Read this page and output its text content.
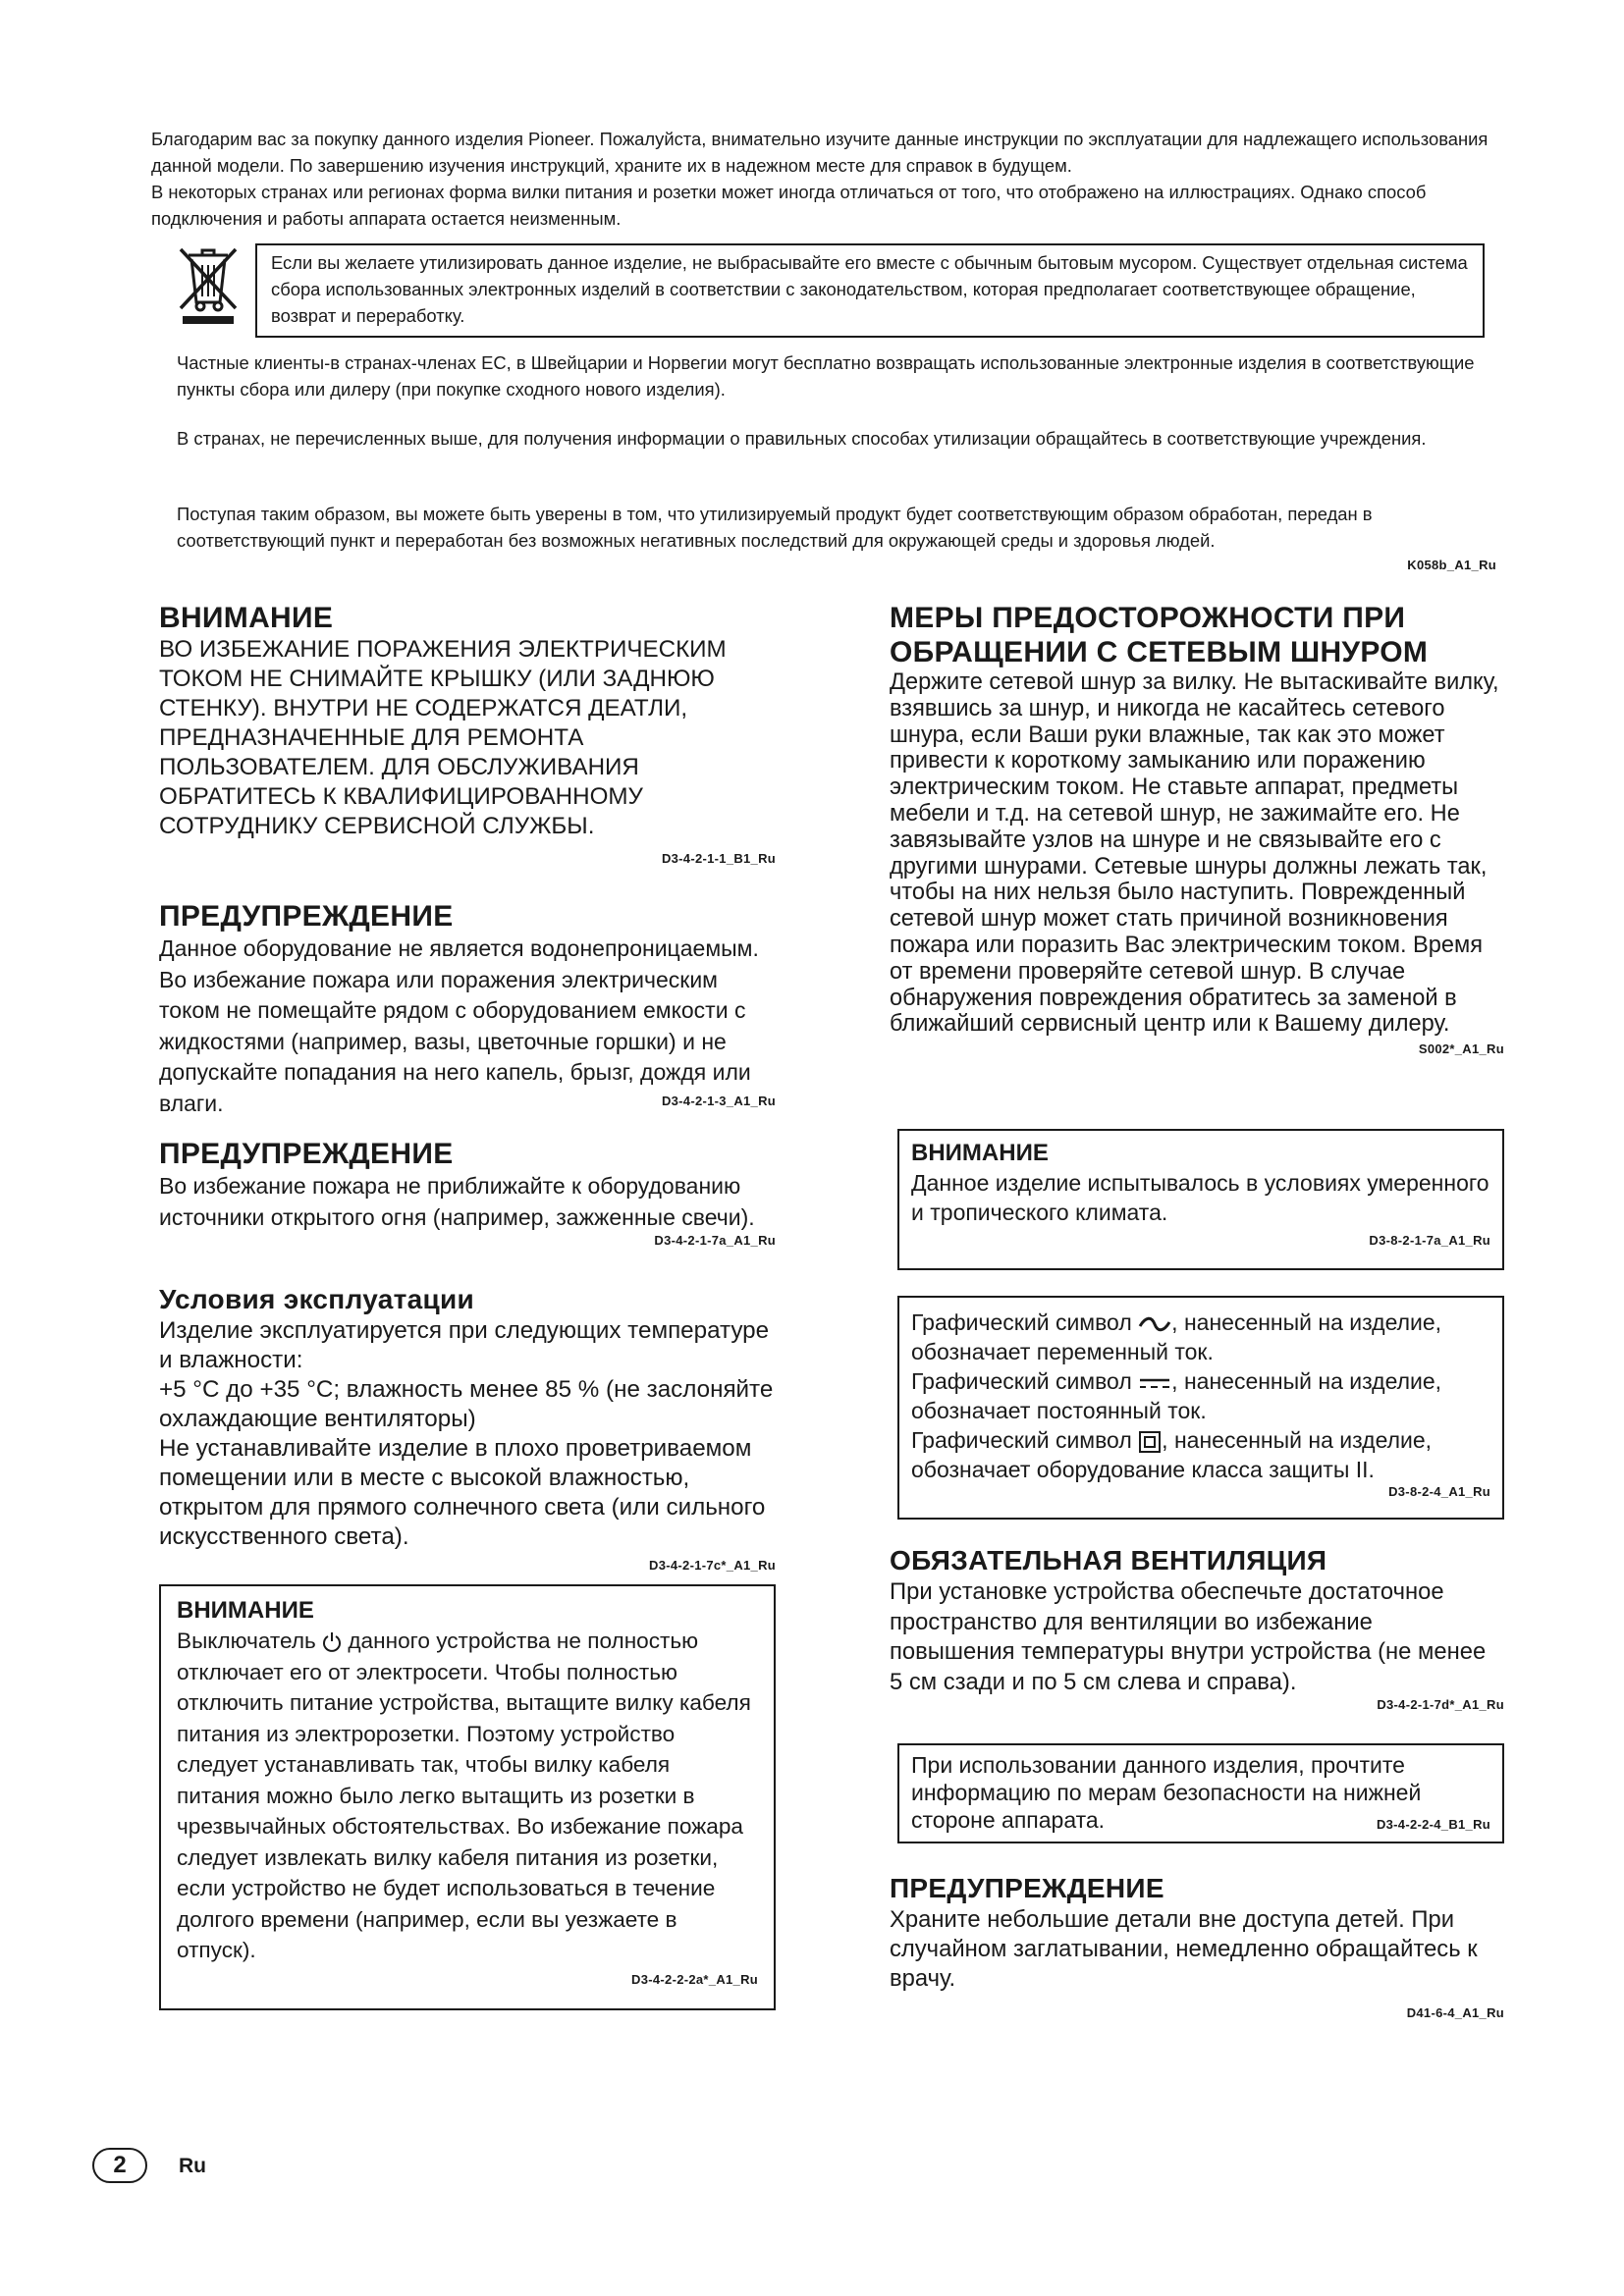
Благодарим вас за покупку данного изделия Pioneer. Пожалуйста, внимательно изучите данные инструкции по эксплуатации для надлежащего использования данной модели. По завершению изучения инструкций, храните их в надежном месте для справок в будущем.

В некоторых странах или регионах форма вилки питания и розетки может иногда отличаться от того, что отображено на иллюстрациях. Однако способ подключения и работы аппарата остается неизменным.

Если вы желаете утилизировать данное изделие, не выбрасывайте его вместе с обычным бытовым мусором. Существует отдельная система сбора использованных электронных изделий в соответствии с законодательством, которая предполагает соответствующее обращение, возврат и переработку.

Частные клиенты-в странах-членах ЕС, в Швейцарии и Норвегии могут бесплатно возвращать использованные электронные изделия в соответствующие пункты сбора или дилеру (при покупке сходного нового изделия).

В странах, не перечисленных выше, для получения информации о правильных способах утилизации обращайтесь в соответствующие учреждения.

Поступая таким образом, вы можете быть уверены в том, что утилизируемый продукт будет соответствующим образом обработан, передан в соответствующий пункт и переработан без возможных негативных последствий для окружающей среды и здоровья людей.

K058b_A1_Ru
ВНИМАНИЕ

ВО ИЗБЕЖАНИЕ ПОРАЖЕНИЯ ЭЛЕКТРИЧЕСКИМ ТОКОМ НЕ СНИМАЙТЕ КРЫШКУ (ИЛИ ЗАДНЮЮ СТЕНКУ). ВНУТРИ НЕ СОДЕРЖАТСЯ ДЕАТЛИ, ПРЕДНАЗНАЧЕННЫЕ ДЛЯ РЕМОНТА ПОЛЬЗОВАТЕЛЕМ. ДЛЯ ОБСЛУЖИВАНИЯ ОБРАТИТЕСЬ К КВАЛИФИЦИРОВАННОМУ СОТРУДНИКУ СЕРВИСНОЙ СЛУЖБЫ.

D3-4-2-1-1_B1_Ru
ПРЕДУПРЕЖДЕНИЕ

Данное оборудование не является водонепроницаемым. Во избежание пожара или поражения электрическим током не помещайте рядом с оборудованием емкости с жидкостями (например, вазы, цветочные горшки) и не допускайте попадания на него капель, брызг, дождя или влаги.	D3-4-2-1-3_A1_Ru
ПРЕДУПРЕЖДЕНИЕ

Во избежание пожара не приближайте к оборудованию источники открытого огня (например, зажженные свечи).

D3-4-2-1-7a_A1_Ru
Условия эксплуатации

Изделие эксплуатируется при следующих температуре и влажности:

+5 °C до +35 °C; влажность менее 85 % (не заслоняйте охлаждающие вентиляторы)

Не устанавливайте изделие в плохо проветриваемом помещении или в месте с высокой влажностью, открытом для прямого солнечного света (или сильного искусственного света).

D3-4-2-1-7c*_A1_Ru
ВНИМАНИЕ

Выключатель данного устройства не полностью отключает его от электросети. Чтобы полностью отключить питание устройства, вытащите вилку кабеля питания из электророзетки. Поэтому устройство следует устанавливать так, чтобы вилку кабеля питания можно было легко вытащить из розетки в чрезвычайных обстоятельствах. Во избежание пожара следует извлекать вилку кабеля питания из розетки, если устройство не будет использоваться в течение долгого времени (например, если вы уезжаете в отпуск).

D3-4-2-2-2a*_A1_Ru
МЕРЫ ПРЕДОСТОРОЖНОСТИ ПРИ ОБРАЩЕНИИ С СЕТЕВЫМ ШНУРОМ

Держите сетевой шнур за вилку. Не вытаскивайте вилку, взявшись за шнур, и никогда не касайтесь сетевого шнура, если Ваши руки влажные, так как это может привести к короткому замыканию или поражению электрическим током. Не ставьте аппарат, предметы мебели и т.д. на сетевой шнур, не зажимайте его. Не завязывайте узлов на шнуре и не связывайте его с другими шнурами. Сетевые шнуры должны лежать так, чтобы на них нельзя было наступить. Поврежденный сетевой шнур может стать причиной возникновения пожара или поразить Вас электрическим током. Время от времени проверяйте сетевой шнур. В случае обнаружения повреждения обратитесь за заменой в ближайший сервисный центр или к Вашему дилеру.

S002*_A1_Ru
ВНИМАНИЕ

Данное изделие испытывалось в условиях умеренного и тропического климата.

D3-8-2-1-7a_A1_Ru

Графический символ , нанесенный на изделие, обозначает переменный ток.

Графический символ , нанесенный на изделие, обозначает постоянный ток.

Графический символ , нанесенный на изделие, обозначает оборудование класса защиты II.

D3-8-2-4_A1_Ru
ОБЯЗАТЕЛЬНАЯ ВЕНТИЛЯЦИЯ

При установке устройства обеспечьте достаточное пространство для вентиляции во избежание повышения температуры внутри устройства (не менее 5 см сзади и по 5 см слева и справа).

D3-4-2-1-7d*_A1_Ru

При использовании данного изделия, прочтите информацию по мерам безопасности на нижней стороне аппарата.	D3-4-2-2-4_B1_Ru
ПРЕДУПРЕЖДЕНИЕ

Храните небольшие детали вне доступа детей. При случайном заглатывании, немедленно обращайтесь к врачу.

D41-6-4_A1_Ru
2	Ru
